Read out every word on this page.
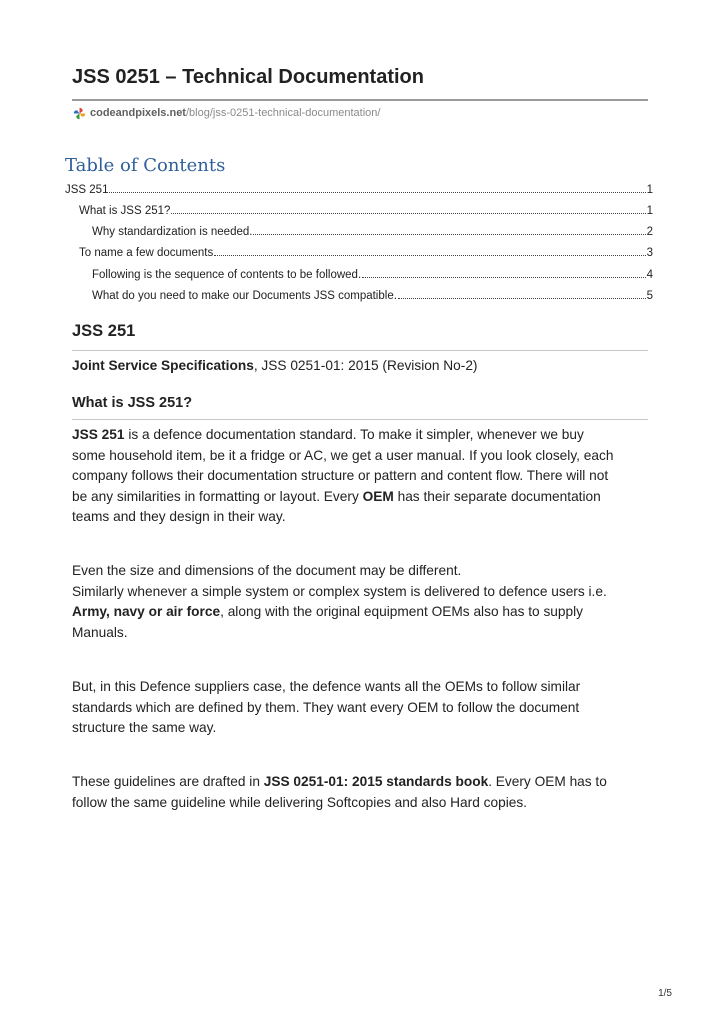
JSS 0251 – Technical Documentation
codeandpixels.net /blog/jss-0251-technical-documentation/
Table of Contents
JSS 251	1
What is JSS 251?	1
Why standardization is needed.	2
To name a few documents	3
Following is the sequence of contents to be followed.	4
What do you need to make our Documents JSS compatible.	5
JSS 251

Joint Service Specifications, JSS 0251-01: 2015 (Revision No-2)

What is JSS 251?

JSS 251 is a defence documentation standard. To make it simpler, whenever we buy
some household item, be it a fridge or AC, we get a user manual. If you look closely, each
company follows their documentation structure or pattern and content flow. There will not
be any similarities in formatting or layout. Every OEM has their separate documentation
teams and they design in their way.

Even the size and dimensions of the document may be different.
Similarly whenever a simple system or complex system is delivered to defence users i.e.
Army, navy or air force, along with the original equipment OEMs also has to supply
Manuals.

But, in this Defence suppliers case, the defence wants all the OEMs to follow similar
standards which are defined by them. They want every OEM to follow the document
structure the same way.

These guidelines are drafted in JSS 0251-01: 2015 standards book. Every OEM has to
follow the same guideline while delivering Softcopies and also Hard copies.

1/5
